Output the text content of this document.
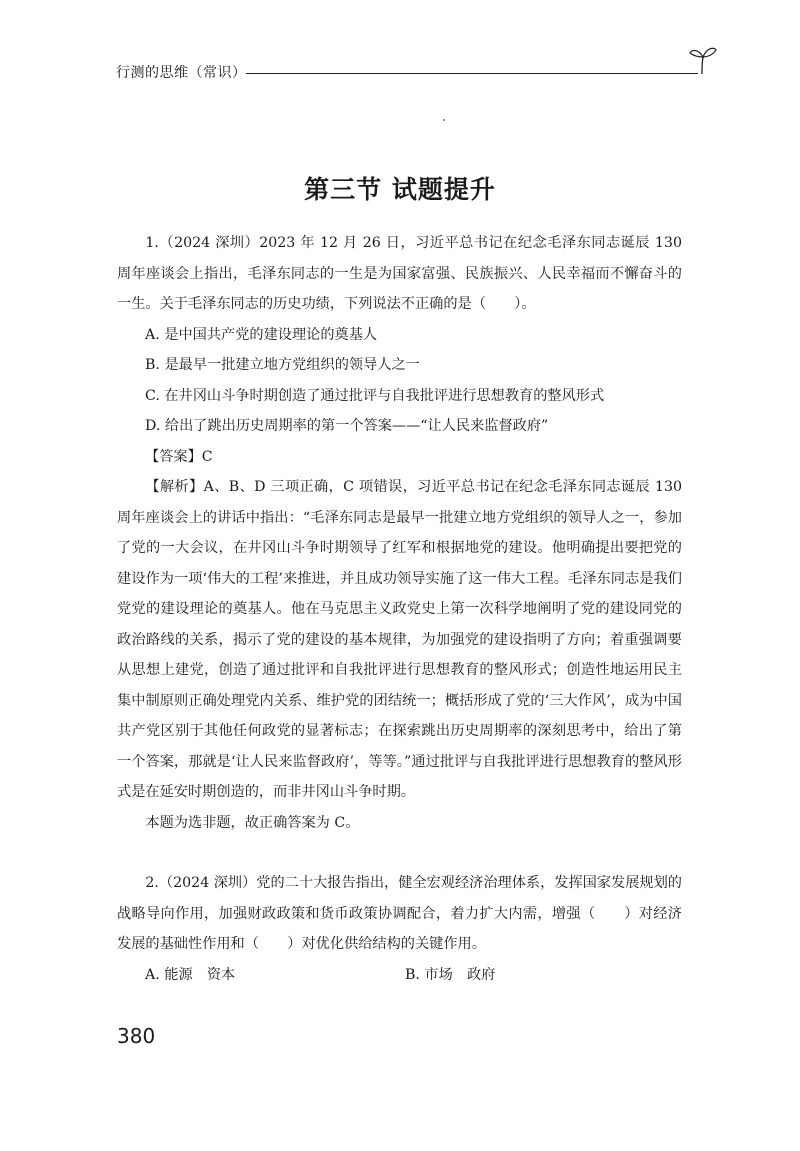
行测的思维（常识）
第三节 试题提升

1.（2024 深圳）2023 年 12 月 26 日，习近平总书记在纪念毛泽东同志诞辰 130 周年座谈会上指出，毛泽东同志的一生是为国家富强、民族振兴、人民幸福而不懈奋斗的一生。关于毛泽东同志的历史功绩，下列说法不正确的是（　　）。

A. 是中国共产党的建设理论的奠基人

B. 是最早一批建立地方党组织的领导人之一

C. 在井冈山斗争时期创造了通过批评与自我批评进行思想教育的整风形式

D. 给出了跳出历史周期率的第一个答案——“让人民来监督政府”

【答案】C

【解析】A、B、D 三项正确，C 项错误，习近平总书记在纪念毛泽东同志诞辰 130 周年座谈会上的讲话中指出：“毛泽东同志是最早一批建立地方党组织的领导人之一，参加了党的一大会议，在井冈山斗争时期领导了红军和根据地党的建设。他明确提出要把党的建设作为一项‘伟大的工程’来推进，并且成功领导实施了这一伟大工程。毛泽东同志是我们党党的建设理论的奠基人。他在马克思主义政党史上第一次科学地阐明了党的建设同党的政治路线的关系，揭示了党的建设的基本规律，为加强党的建设指明了方向；着重强调要从思想上建党，创造了通过批评和自我批评进行思想教育的整风形式；创造性地运用民主集中制原则正确处理党内关系、维护党的团结统一；概括形成了党的‘三大作风’，成为中国共产党区别于其他任何政党的显著标志；在探索跳出历史周期率的深刻思考中，给出了第一个答案，那就是‘让人民来监督政府’，等等。”通过批评与自我批评进行思想教育的整风形式是在延安时期创造的，而非井冈山斗争时期。

本题为选非题，故正确答案为 C。

2.（2024 深圳）党的二十大报告指出，健全宏观经济治理体系，发挥国家发展规划的战略导向作用，加强财政政策和货币政策协调配合，着力扩大内需，增强（　　）对经济发展的基础性作用和（　　）对优化供给结构的关键作用。

A. 能源　资本	B. 市场　政府

380
